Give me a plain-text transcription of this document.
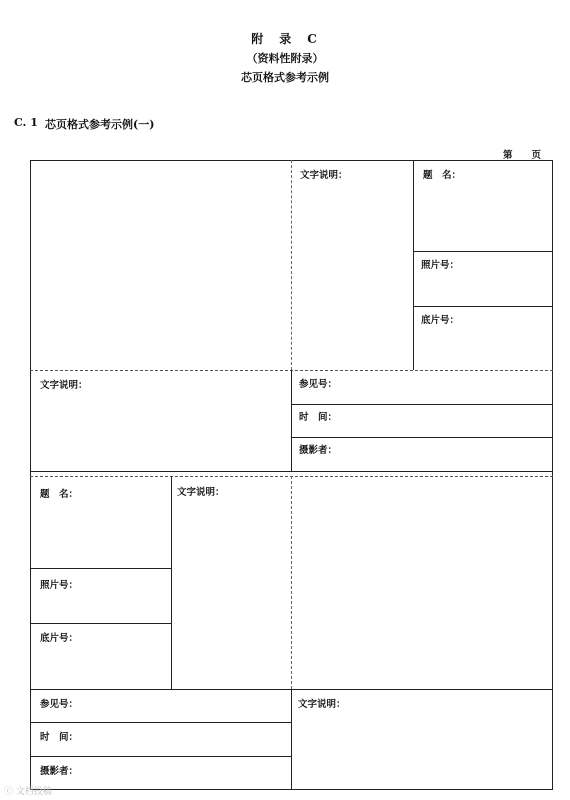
附　录　C
（资料性附录）
芯页格式参考示例
C. 1 芯页格式参考示例(一)
第　　页
文字说明：	题　名：
照片号：
底片号：
文字说明：	参见号：
时　间：
摄影者：
题　名：	文字说明：
照片号：
底片号：
参见号：	文字说明：
时　间：
摄影者：
ⓒ 文档投稿
